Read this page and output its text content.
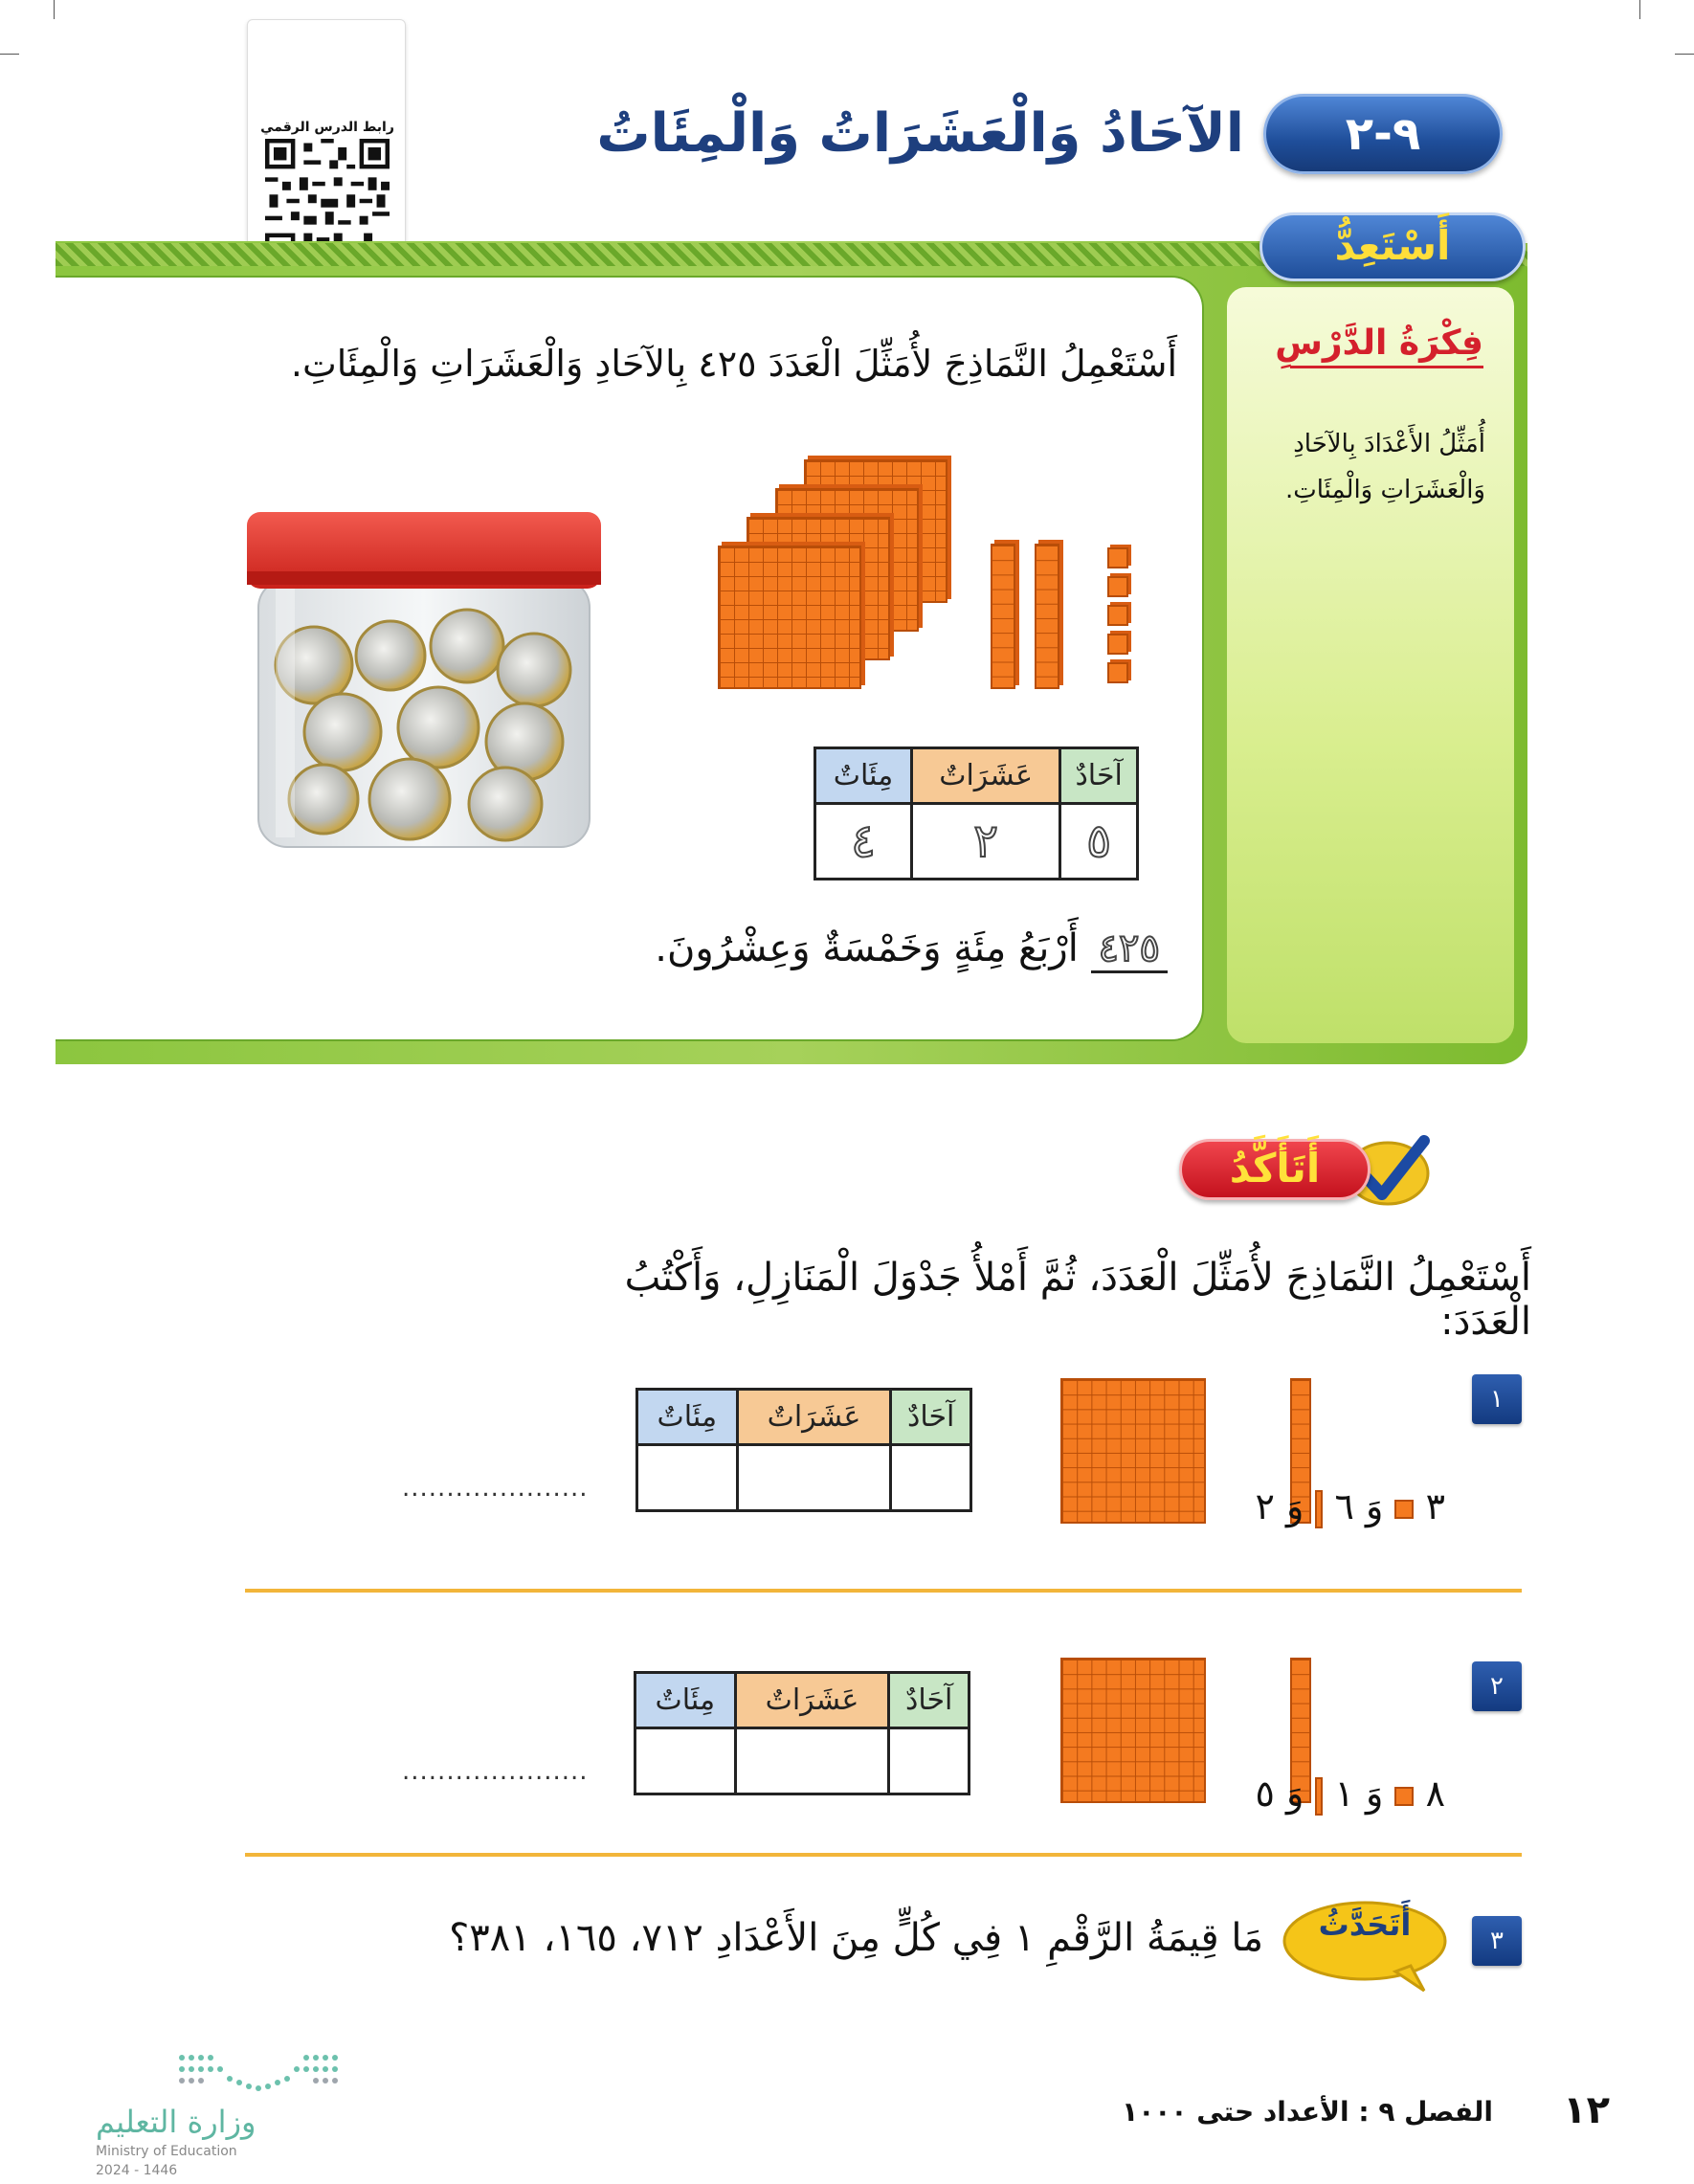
رابط الدرس الرقمي	الآحَادُ وَالْعَشَرَاتُ وَالْمِئَاتُ	٩-٢
أَسْتَعِدُّ
فِكْرَةُ الدَّرْسِ
أُمَثِّلُ الأَعْدَادَ بِالآحَادِ وَالْعَشَرَاتِ وَالْمِئَاتِ.
أَسْتَعْمِلُ النَّمَاذِجَ لأُمَثِّلَ الْعَدَدَ ٤٢٥ بِالآحَادِ وَالْعَشَرَاتِ وَالْمِئَاتِ.
آحَادٌ	عَشَرَاتٌ	مِئَاتٌ
٥	٢	٤
٤٢٥ أَرْبَعُ مِئَةٍ وَخَمْسَةٌ وَعِشْرُونَ.
أَتَأَكَّدُ
أَسْتَعْمِلُ النَّمَاذِجَ لأُمَثِّلَ الْعَدَدَ، ثُمَّ أَمْلأُ جَدْوَلَ الْمَنَازِلِ، وَأَكْتُبُ الْعَدَدَ:
١
٣  وَ ٦  وَ ٢
آحَادٌ	عَشَرَاتٌ	مِئَاتٌ

.....................
٢
٨  وَ ١  وَ ٥
آحَادٌ	عَشَرَاتٌ	مِئَاتٌ

.....................
٣
أَتَحَدَّثُ
مَا قِيمَةُ الرَّقْمِ ١ فِي كُلٍّ مِنَ الأَعْدَادِ ٧١٢، ١٦٥، ٣٨١؟
وزارة التعليم
Ministry of Education
2024 - 1446
١٢
الفصل ٩ : الأعداد حتى ١٠٠٠
